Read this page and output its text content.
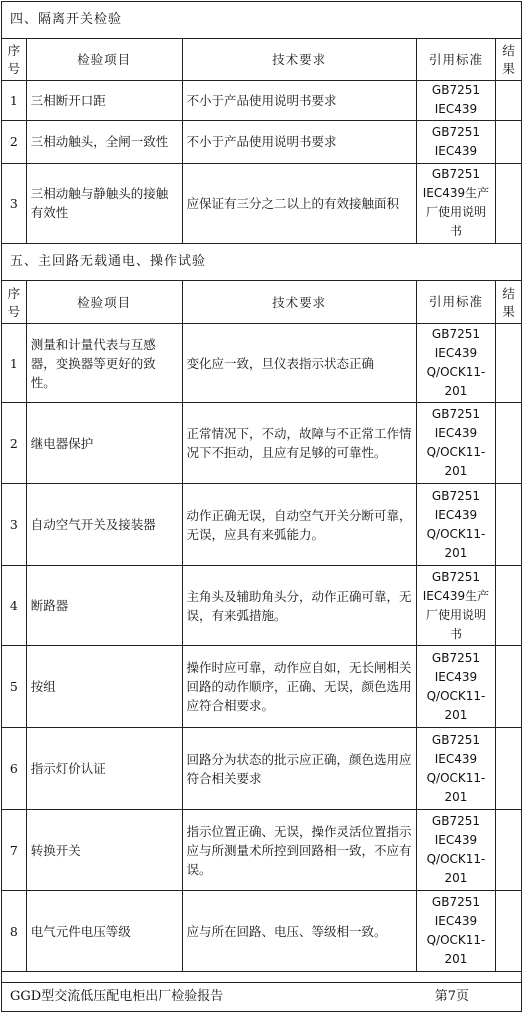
四、隔离开关检验
序号	检验项目	技术要求	引用标准	结果
1	三相断开口距	不小于产品使用说明书要求	GB7251 IEC439	
2	三相动触头，全闸一致性	不小于产品使用说明书要求	GB7251 IEC439	
3	三相动触与静触头的接触有效性	应保证有三分之二以上的有效接触面积	GB7251 IEC439生产厂使用说明书	
五、主回路无载通电、操作试验
序号	检验项目	技术要求	引用标准	结果
1	测量和计量代表与互感器，变换器等更好的致性。	变化应一致，旦仪表指示状态正确	GB7251 IEC439 Q/OCK11-201	
2	继电器保护	正常情况下，不动，故障与不正常工作情况下不拒动，且应有足够的可靠性。	GB7251 IEC439 Q/OCK11-201	
3	自动空气开关及接装器	动作正确无误，自动空气开关分断可靠，无误，应具有来弧能力。	GB7251 IEC439 Q/OCK11-201	
4	断路器	主角头及辅助角头分，动作正确可靠，无误，有来弧措施。	GB7251 IEC439生产厂使用说明书	
5	按组	操作时应可靠，动作应自如，无长闸相关回路的动作顺序，正确、无误，颜色选用应符合相要求。	GB7251 IEC439 Q/OCK11-201	
6	指示灯价认证	回路分为状态的批示应正确，颜色选用应符合相关要求	GB7251 IEC439 Q/OCK11-201	
7	转换开关	指示位置正确、无误，操作灵活位置指示应与所测量术所控到回路相一致，不应有误。	GB7251 IEC439 Q/OCK11-201	
8	电气元件电压等级	应与所在回路、电压、等级相一致。	GB7251 IEC439 Q/OCK11-201	
GGD型交流低压配电柜出厂检验报告	第7页
